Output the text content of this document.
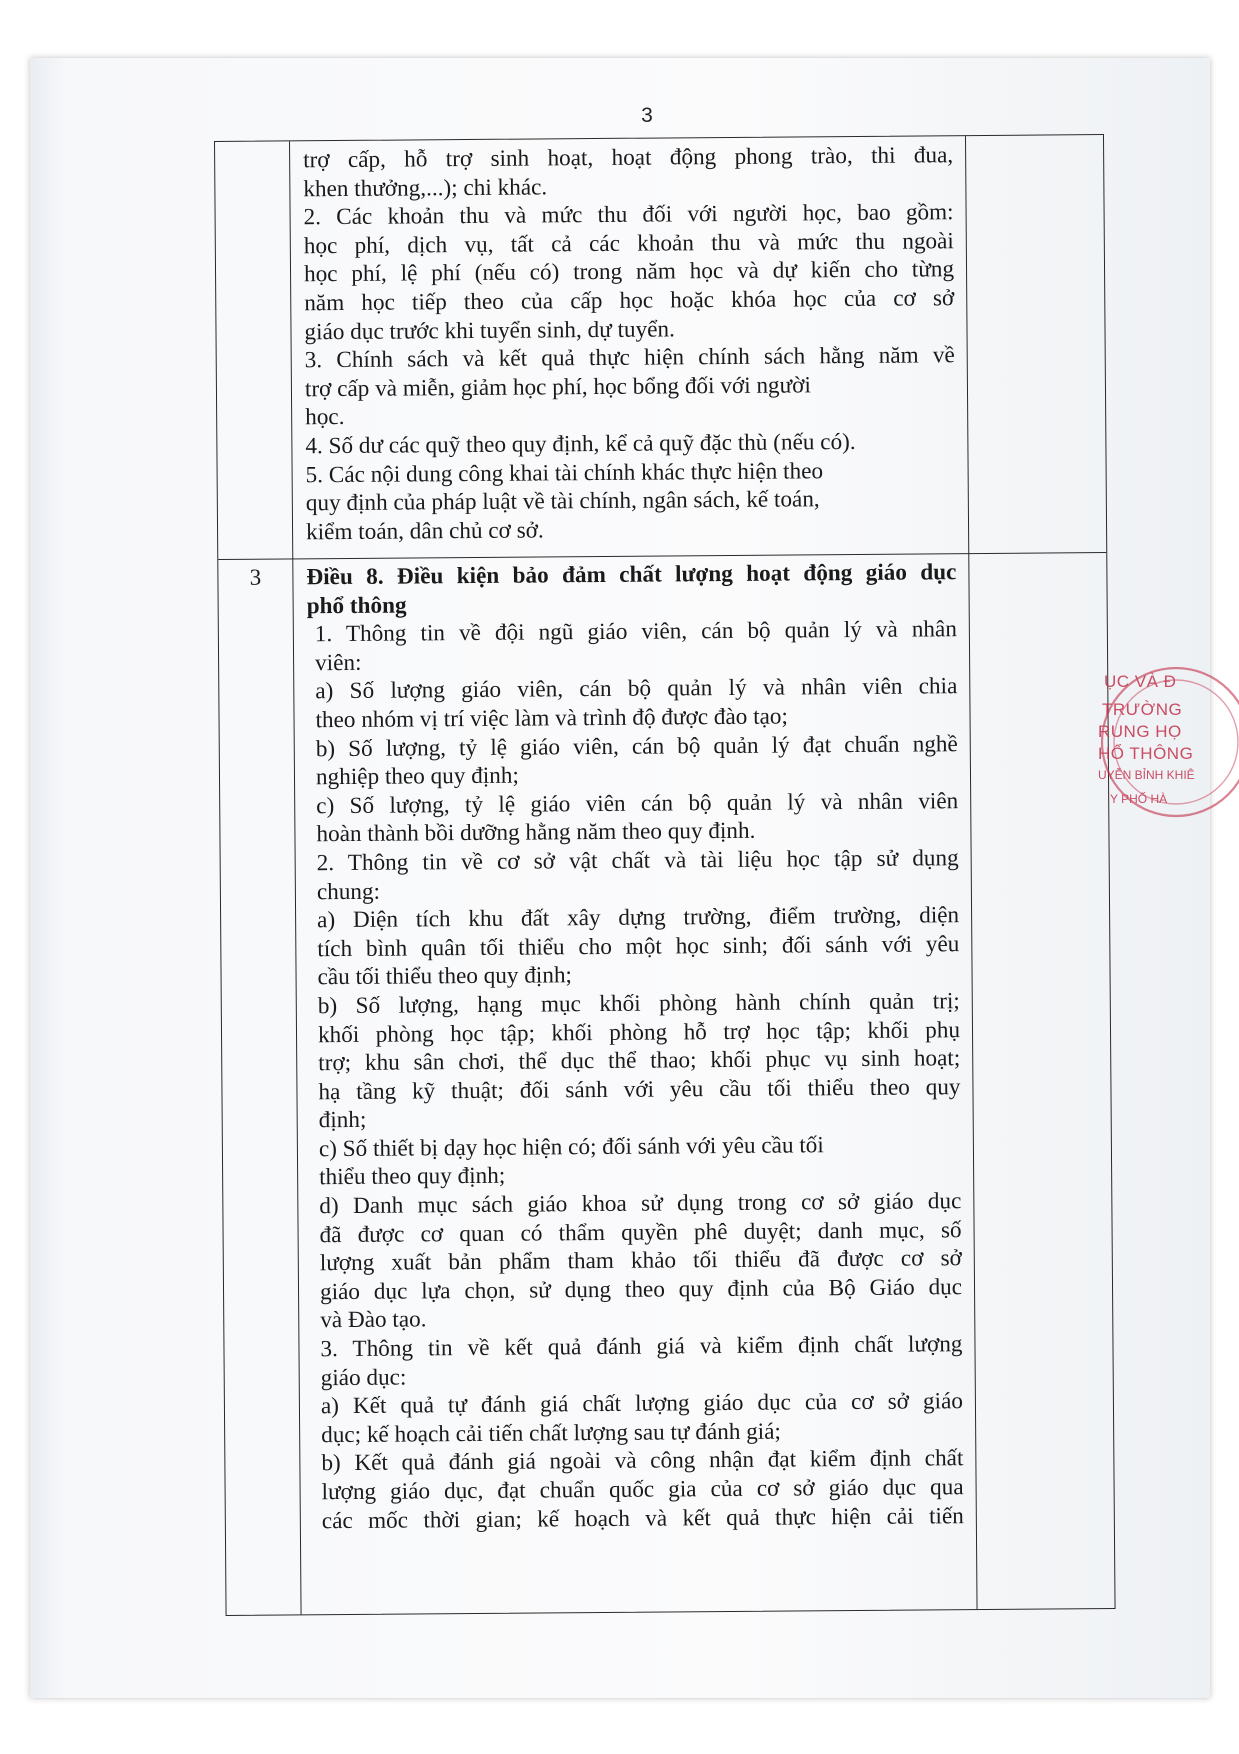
3

trợ cấp, hỗ trợ sinh hoạt, hoạt động phong trào, thi đua,

khen thưởng,...); chi khác.

2. Các khoản thu và mức thu đối với người học, bao gồm:

học phí, dịch vụ, tất cả các khoản thu và mức thu ngoài

học phí, lệ phí (nếu có) trong năm học và dự kiến cho từng

năm học tiếp theo của cấp học hoặc khóa học của cơ sở

giáo dục trước khi tuyển sinh, dự tuyển.

3. Chính sách và kết quả thực hiện chính sách hằng năm về

trợ cấp và miễn, giảm học phí, học bổng đối với người

học.

4. Số dư các quỹ theo quy định, kể cả quỹ đặc thù (nếu có).

5. Các nội dung công khai tài chính khác thực hiện theo

quy định của pháp luật về tài chính, ngân sách, kế toán,

kiểm toán, dân chủ cơ sở.

3	Điều 8. Điều kiện bảo đảm chất lượng hoạt động giáo dục

phổ thông

1. Thông tin về đội ngũ giáo viên, cán bộ quản lý và nhân

viên:

a) Số lượng giáo viên, cán bộ quản lý và nhân viên chia

theo nhóm vị trí việc làm và trình độ được đào tạo;

b) Số lượng, tỷ lệ giáo viên, cán bộ quản lý đạt chuẩn nghề

nghiệp theo quy định;

c) Số lượng, tỷ lệ giáo viên cán bộ quản lý và nhân viên

hoàn thành bồi dưỡng hằng năm theo quy định.

2. Thông tin về cơ sở vật chất và tài liệu học tập sử dụng

chung:

a) Diện tích khu đất xây dựng trường, điểm trường, diện

tích bình quân tối thiểu cho một học sinh; đối sánh với yêu

cầu tối thiểu theo quy định;

b) Số lượng, hạng mục khối phòng hành chính quản trị;

khối phòng học tập; khối phòng hỗ trợ học tập; khối phụ

trợ; khu sân chơi, thể dục thể thao; khối phục vụ sinh hoạt;

hạ tầng kỹ thuật; đối sánh với yêu cầu tối thiểu theo quy

định;

c) Số thiết bị dạy học hiện có; đối sánh với yêu cầu tối

thiểu theo quy định;

d) Danh mục sách giáo khoa sử dụng trong cơ sở giáo dục

đã được cơ quan có thẩm quyền phê duyệt; danh mục, số

lượng xuất bản phẩm tham khảo tối thiểu đã được cơ sở

giáo dục lựa chọn, sử dụng theo quy định của Bộ Giáo dục

và Đào tạo.

3. Thông tin về kết quả đánh giá và kiểm định chất lượng

giáo dục:

a) Kết quả tự đánh giá chất lượng giáo dục của cơ sở giáo

dục; kế hoạch cải tiến chất lượng sau tự đánh giá;

b) Kết quả đánh giá ngoài và công nhận đạt kiểm định chất

lượng giáo dục, đạt chuẩn quốc gia của cơ sở giáo dục qua

các mốc thời gian; kế hoạch và kết quả thực hiện cải tiến

ỤC VÀ Đ
TRƯỜNG
RUNG HỌ
HỔ THÔNG
UYỄN BỈNH KHIÊ
Y PHỐ HÀ
